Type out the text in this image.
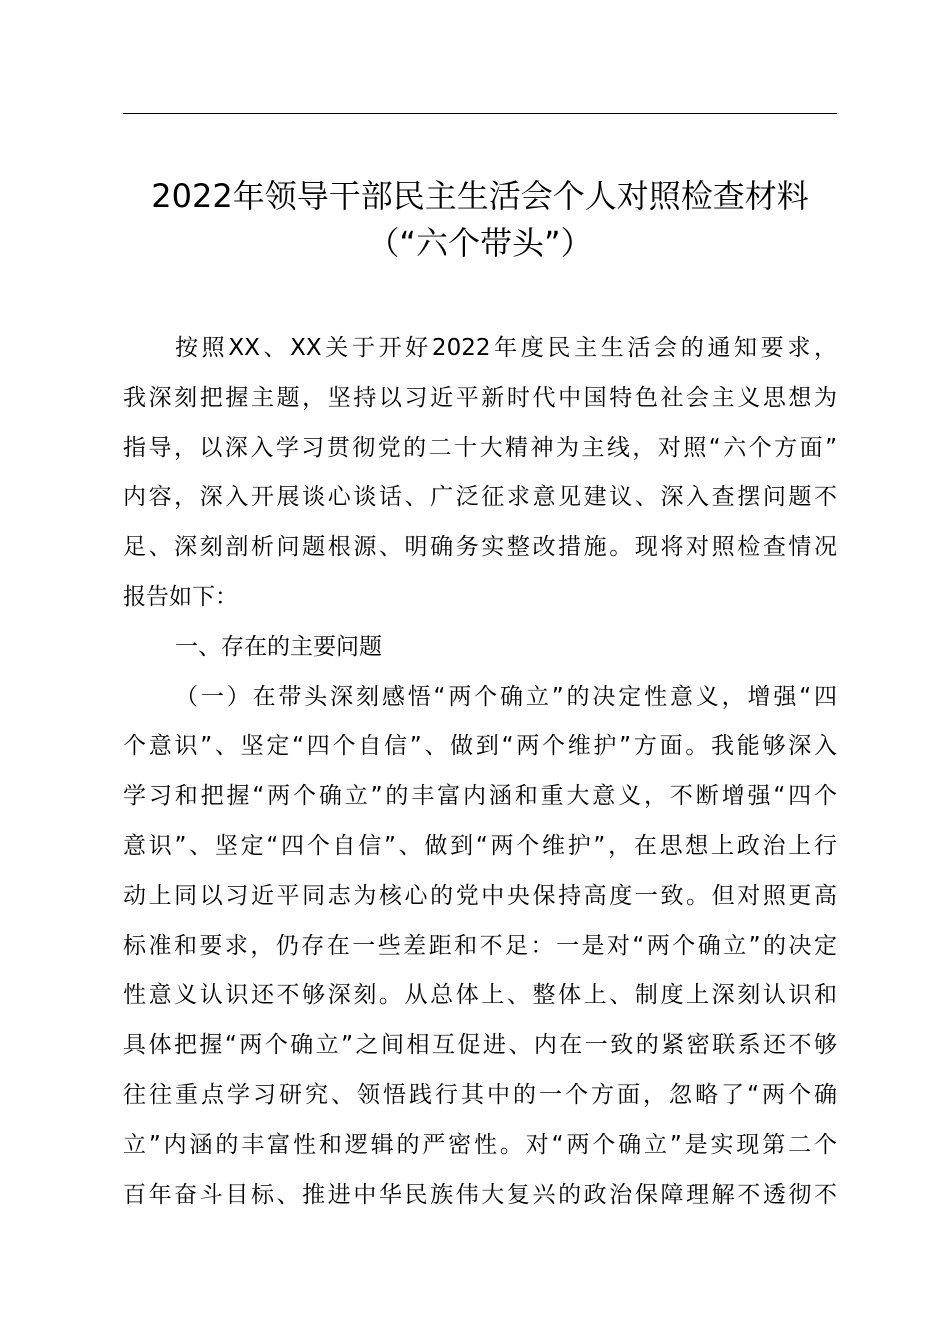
2022年领导干部民主生活会个人对照检查材料
（“六个带头”）
按照XX、XX关于开好2022年度民主生活会的通知要求，
我深刻把握主题，坚持以习近平新时代中国特色社会主义思想为
指导，以深入学习贯彻党的二十大精神为主线，对照“六个方面”
内容，深入开展谈心谈话、广泛征求意见建议、深入查摆问题不
足、深刻剖析问题根源、明确务实整改措施。现将对照检查情况
报告如下：
一、存在的主要问题
（一）在带头深刻感悟“两个确立”的决定性意义，增强“四
个意识”、坚定“四个自信”、做到“两个维护”方面。我能够深入
学习和把握“两个确立”的丰富内涵和重大意义，不断增强“四个
意识”、坚定“四个自信”、做到“两个维护”，在思想上政治上行
动上同以习近平同志为核心的党中央保持高度一致。但对照更高
标准和要求，仍存在一些差距和不足：一是对“两个确立”的决定
性意义认识还不够深刻。从总体上、整体上、制度上深刻认识和
具体把握“两个确立”之间相互促进、内在一致的紧密联系还不够
往往重点学习研究、领悟践行其中的一个方面，忽略了“两个确
立”内涵的丰富性和逻辑的严密性。对“两个确立”是实现第二个
百年奋斗目标、推进中华民族伟大复兴的政治保障理解不透彻不
